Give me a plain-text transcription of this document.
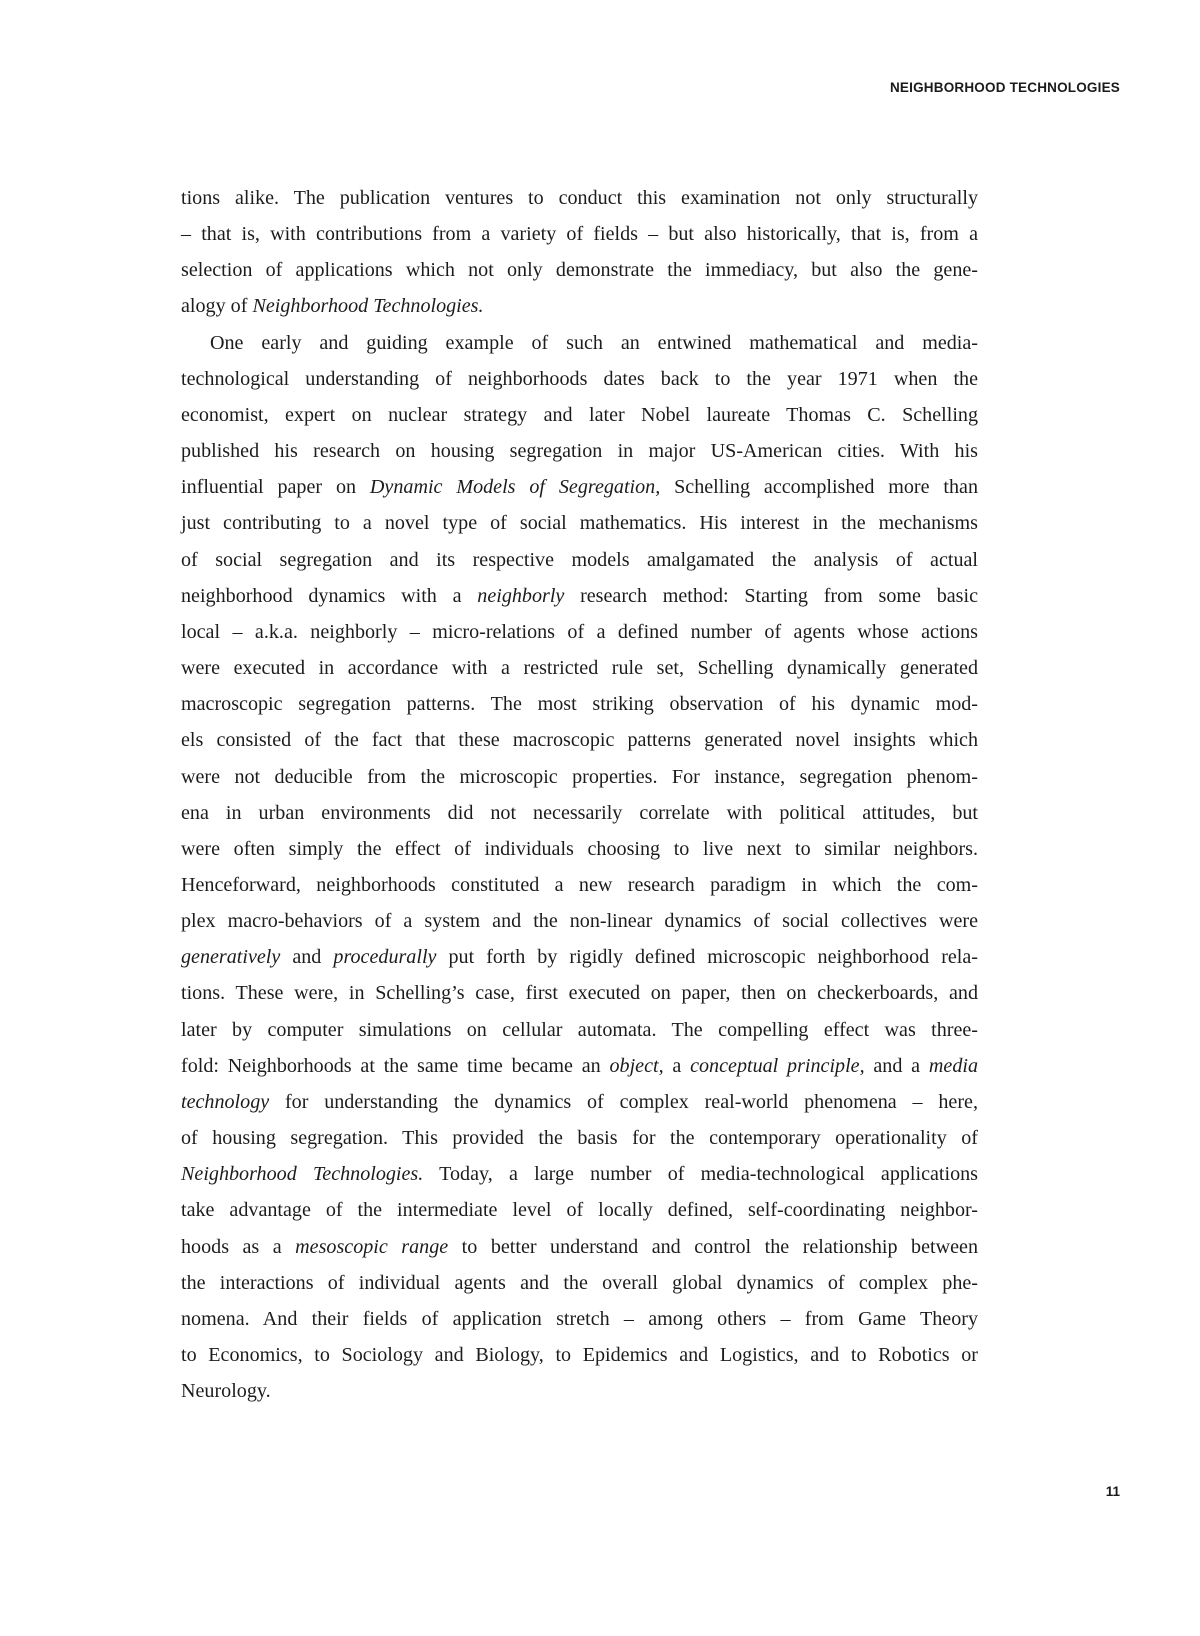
NEIGHBORHOOD TECHNOLOGIES

tions alike. The publication ventures to conduct this examination not only structurally
– that is, with contributions from a variety of fields – but also historically, that is, from a
selection of applications which not only demonstrate the immediacy, but also the gene-
alogy of Neighborhood Technologies.

One early and guiding example of such an entwined mathematical and media-
technological understanding of neighborhoods dates back to the year 1971 when the
economist, expert on nuclear strategy and later Nobel laureate Thomas C. Schelling
published his research on housing segregation in major US-American cities. With his
influential paper on Dynamic Models of Segregation, Schelling accomplished more than
just contributing to a novel type of social mathematics. His interest in the mechanisms
of social segregation and its respective models amalgamated the analysis of actual
neighborhood dynamics with a neighborly research method: Starting from some basic
local – a.k.a. neighborly – micro-relations of a defined number of agents whose actions
were executed in accordance with a restricted rule set, Schelling dynamically generated
macroscopic segregation patterns. The most striking observation of his dynamic mod-
els consisted of the fact that these macroscopic patterns generated novel insights which
were not deducible from the microscopic properties. For instance, segregation phenom-
ena in urban environments did not necessarily correlate with political attitudes, but
were often simply the effect of individuals choosing to live next to similar neighbors.
Henceforward, neighborhoods constituted a new research paradigm in which the com-
plex macro-behaviors of a system and the non-linear dynamics of social collectives were
generatively and procedurally put forth by rigidly defined microscopic neighborhood rela-
tions. These were, in Schelling’s case, first executed on paper, then on checkerboards, and
later by computer simulations on cellular automata. The compelling effect was three-
fold: Neighborhoods at the same time became an object, a conceptual principle, and a media
technology for understanding the dynamics of complex real-world phenomena – here,
of housing segregation. This provided the basis for the contemporary operationality of
Neighborhood Technologies. Today, a large number of media-technological applications
take advantage of the intermediate level of locally defined, self-coordinating neighbor-
hoods as a mesoscopic range to better understand and control the relationship between
the interactions of individual agents and the overall global dynamics of complex phe-
nomena. And their fields of application stretch – among others – from Game Theory
to Economics, to Sociology and Biology, to Epidemics and Logistics, and to Robotics or
Neurology.

11
